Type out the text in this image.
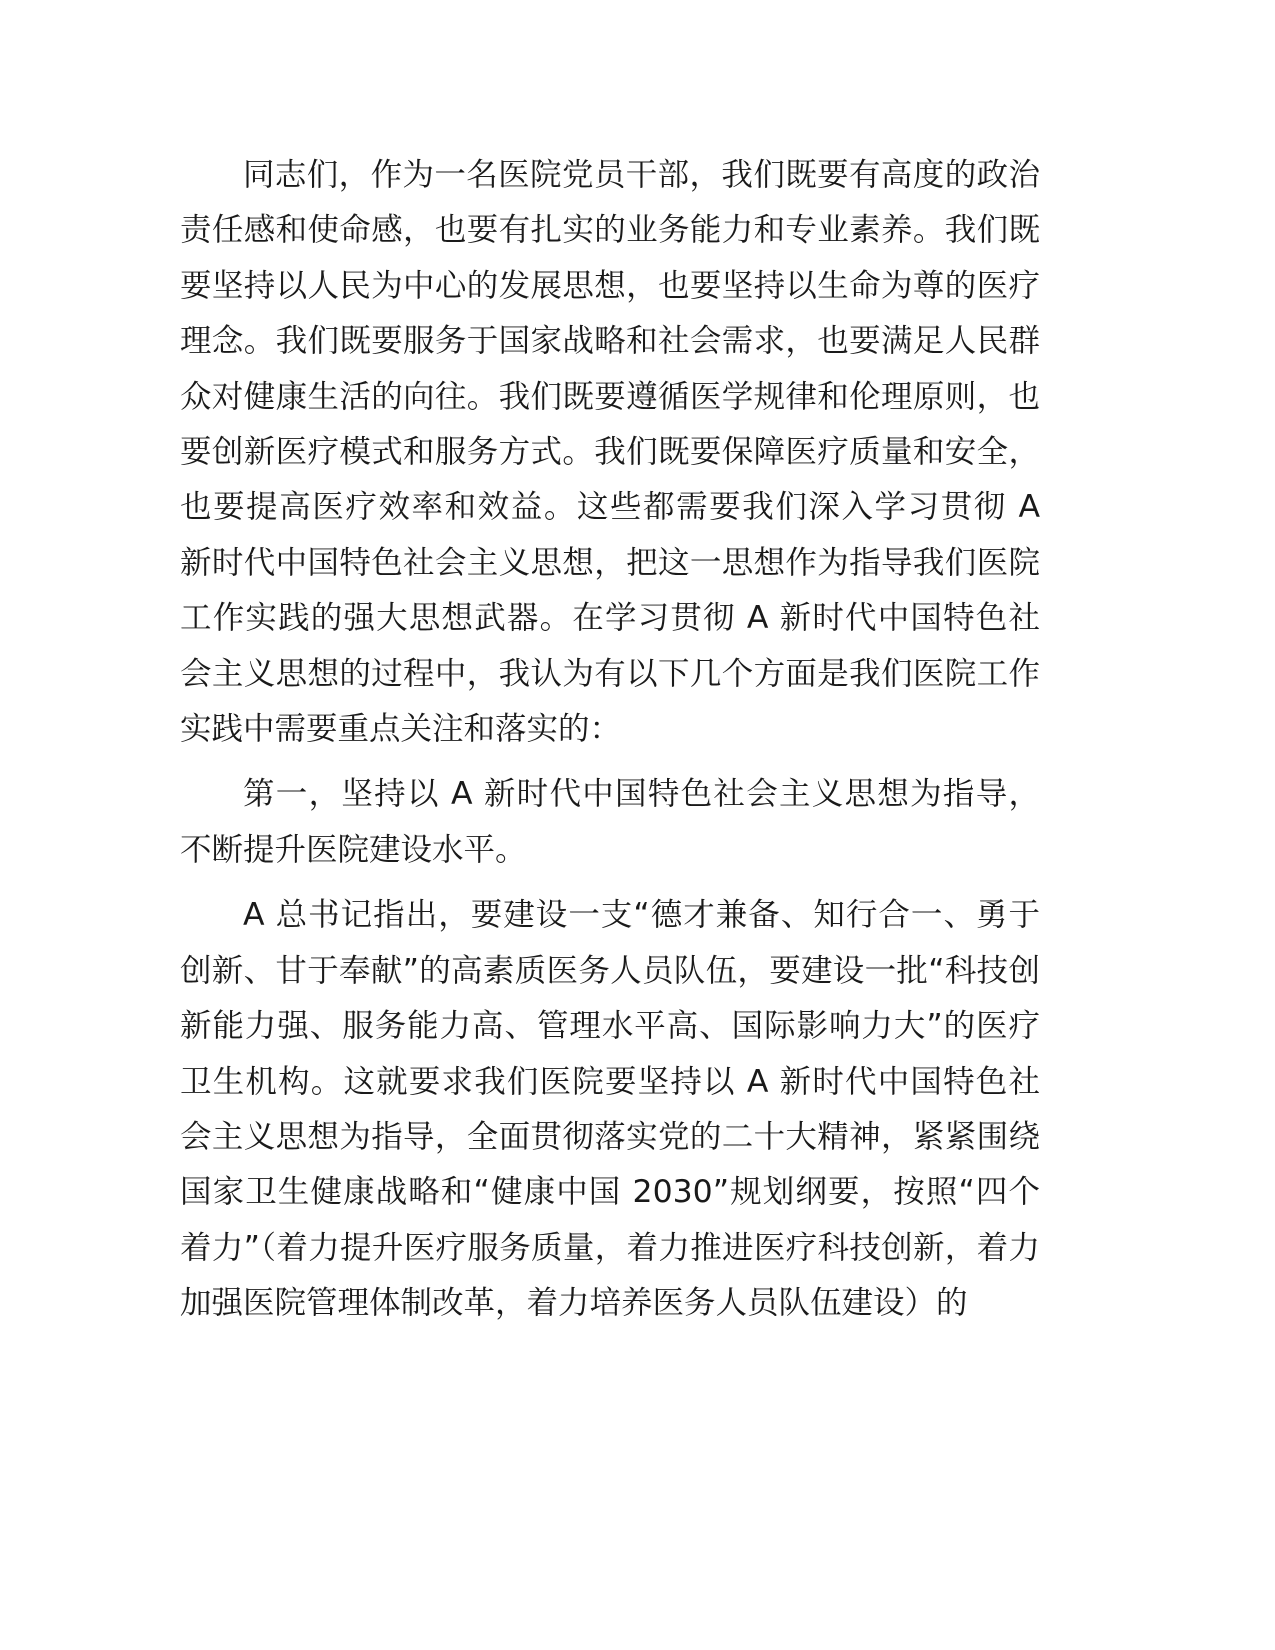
同志们，作为一名医院党员干部，我们既要有高度的政治责任感和使命感，也要有扎实的业务能力和专业素养。我们既要坚持以人民为中心的发展思想，也要坚持以生命为尊的医疗理念。我们既要服务于国家战略和社会需求，也要满足人民群众对健康生活的向往。我们既要遵循医学规律和伦理原则，也要创新医疗模式和服务方式。我们既要保障医疗质量和安全，也要提高医疗效率和效益。这些都需要我们深入学习贯彻 A 新时代中国特色社会主义思想，把这一思想作为指导我们医院工作实践的强大思想武器。在学习贯彻 A 新时代中国特色社会主义思想的过程中，我认为有以下几个方面是我们医院工作实践中需要重点关注和落实的：

第一，坚持以 A 新时代中国特色社会主义思想为指导，不断提升医院建设水平。

A 总书记指出，要建设一支“德才兼备、知行合一、勇于创新、甘于奉献”的高素质医务人员队伍，要建设一批“科技创新能力强、服务能力高、管理水平高、国际影响力大”的医疗卫生机构。这就要求我们医院要坚持以 A 新时代中国特色社会主义思想为指导，全面贯彻落实党的二十大精神，紧紧围绕国家卫生健康战略和“健康中国 2030”规划纲要，按照“四个着力”（着力提升医疗服务质量，着力推进医疗科技创新，着力加强医院管理体制改革，着力培养医务人员队伍建设）的
